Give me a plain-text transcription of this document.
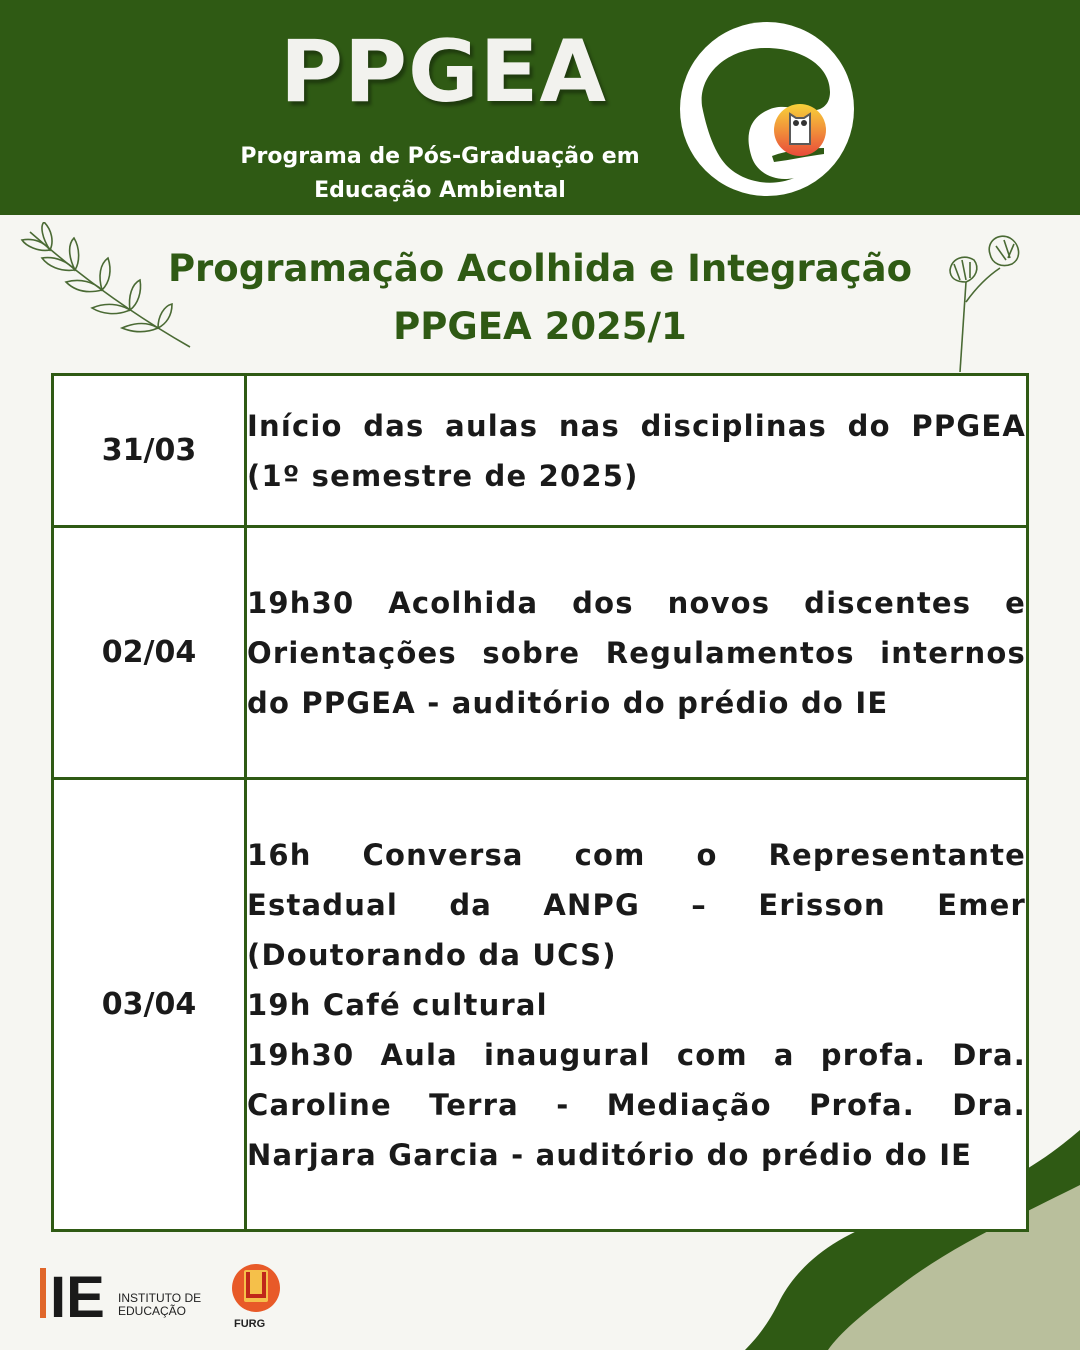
PPGEA
Programa de Pós-Graduação em
Educação Ambiental
Programação Acolhida e Integração
PPGEA 2025/1
31/03	Início das aulas nas disciplinas do PPGEA (1º semestre de 2025)

02/04	19h30 Acolhida dos novos discentes e Orientações sobre Regulamentos internos do PPGEA - auditório do prédio do IE

03/04	16h Conversa com o Representante Estadual da ANPG – Erisson Emer (Doutorando da UCS)
19h Café cultural
19h30 Aula inaugural com a profa. Dra. Caroline Terra - Mediação Profa. Dra. Narjara Garcia - auditório do prédio do IE
IE INSTITUTO DE
EDUCAÇÃO
FURG
